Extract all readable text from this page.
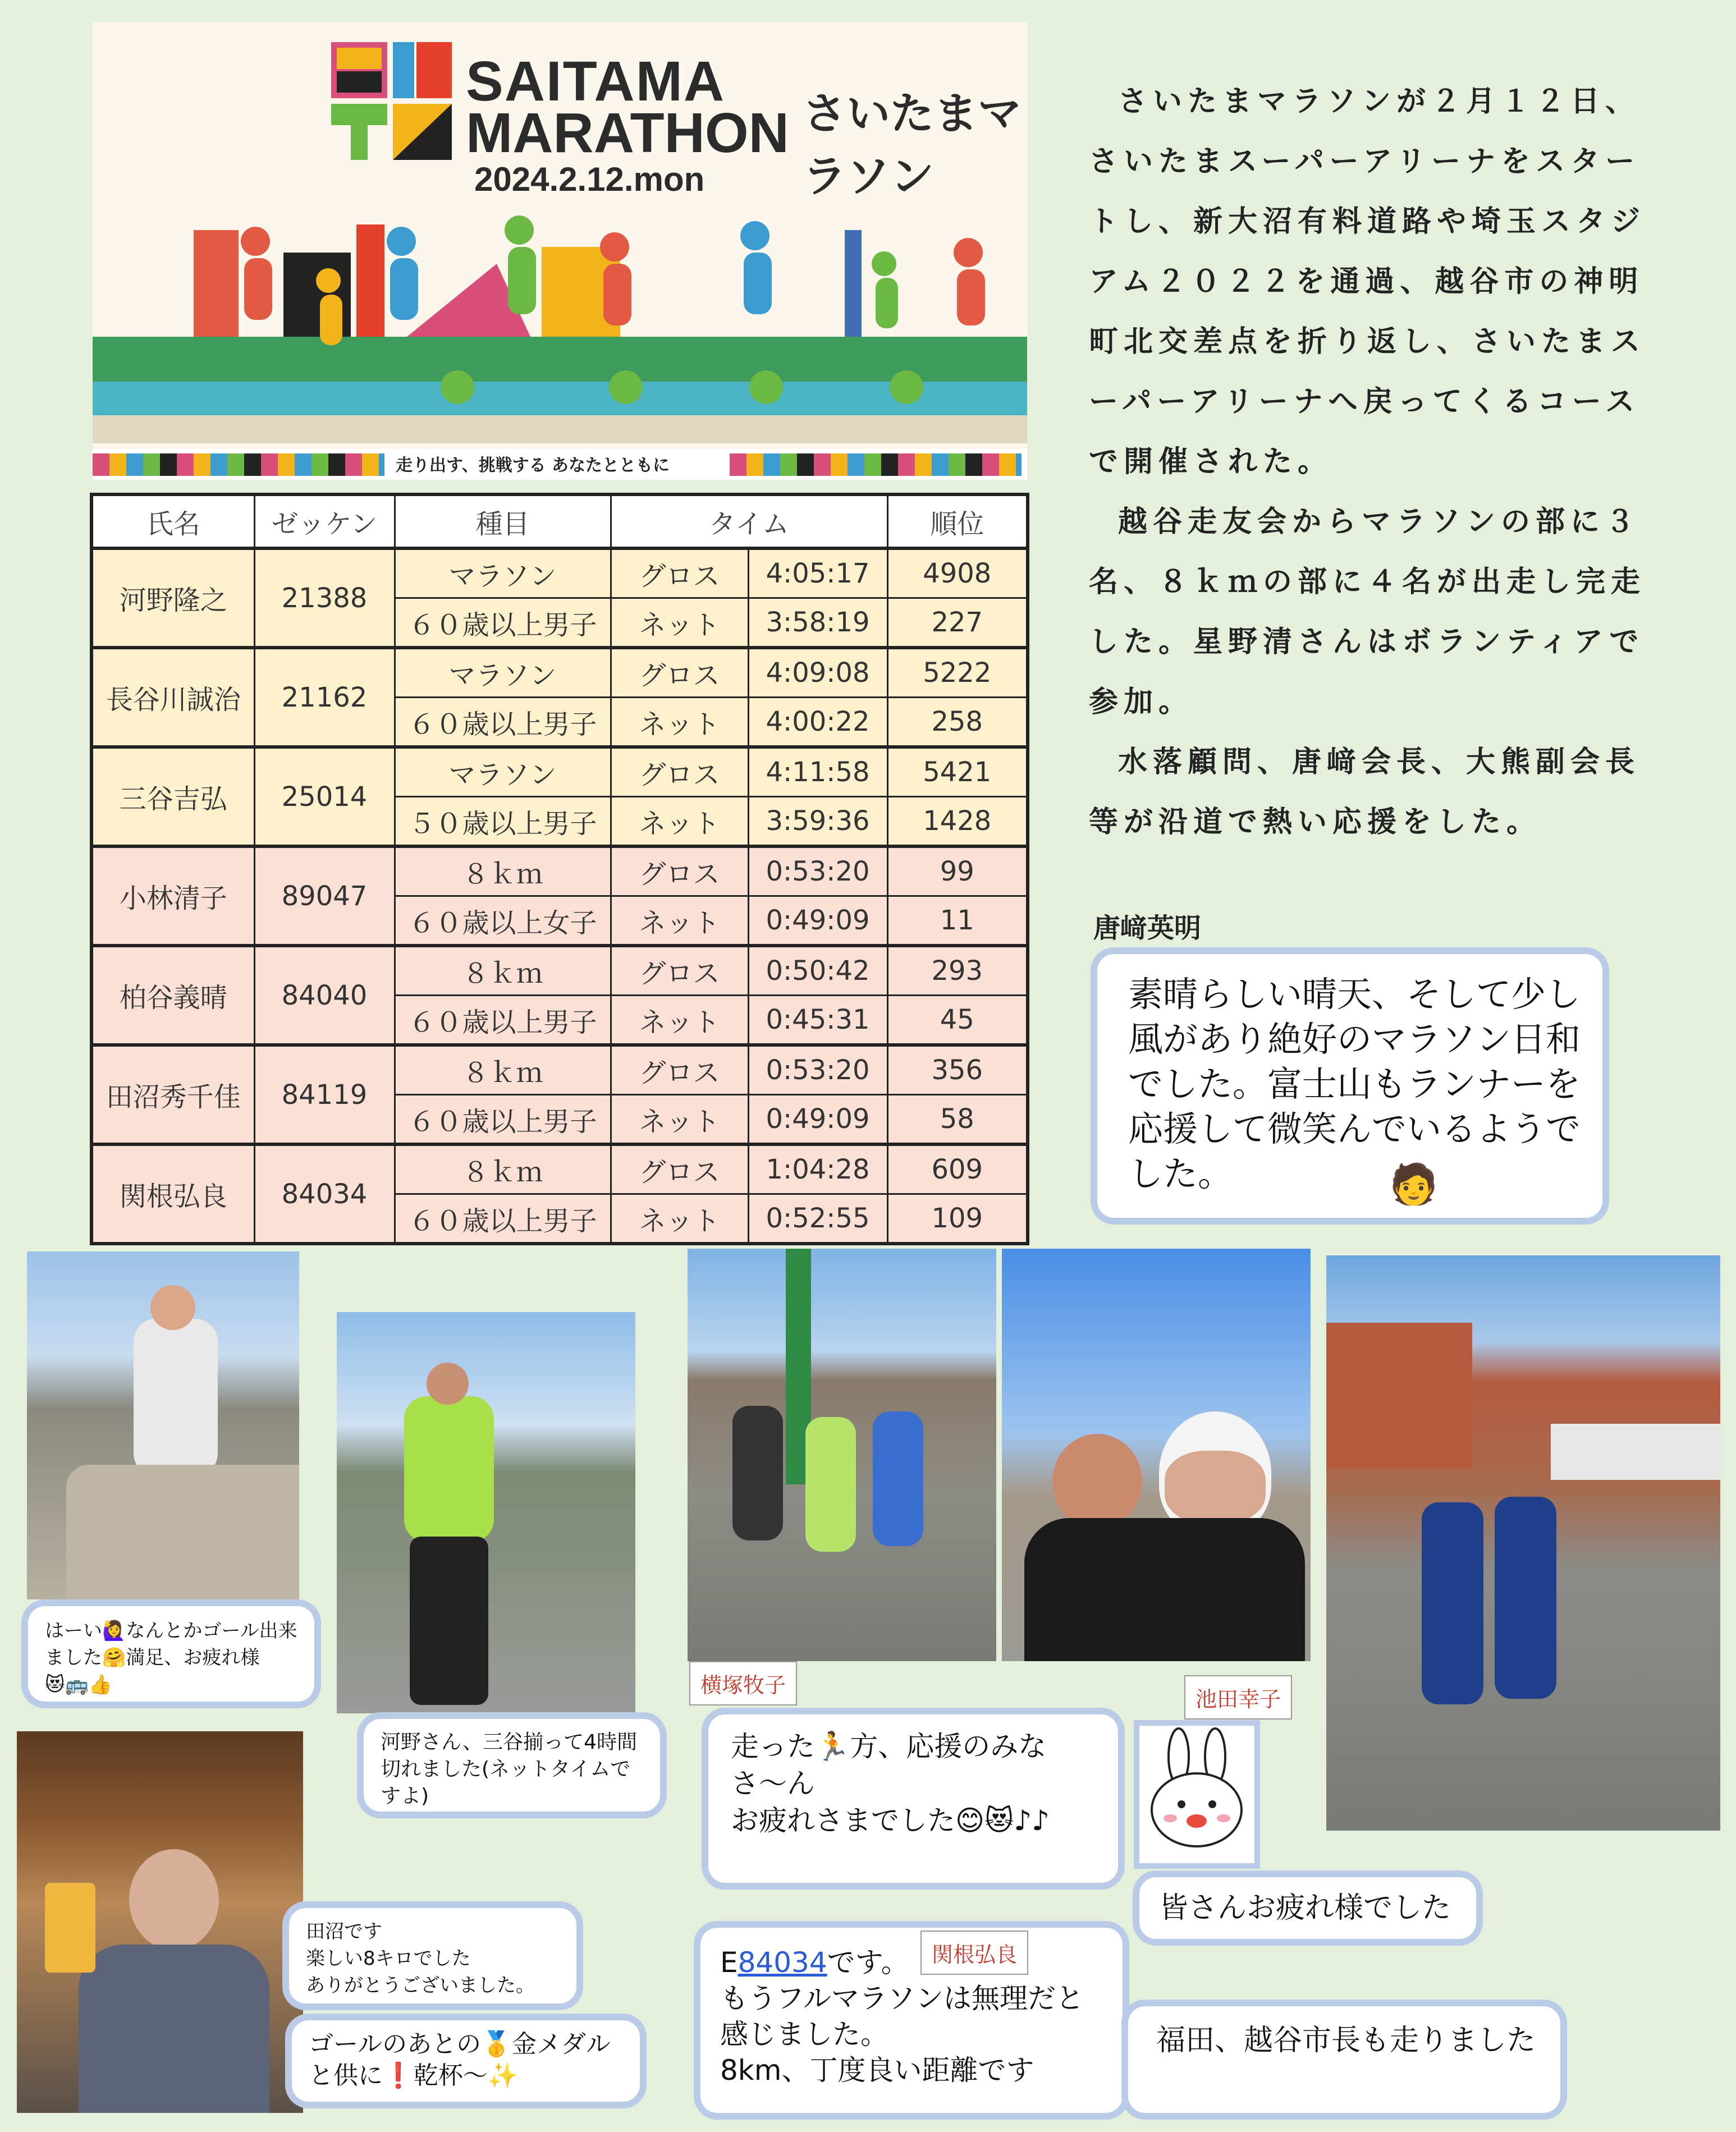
SAITAMA
MARATHON さいたまマラソン
2024.2.12.mon
走り出す、挑戦する あなたとともに
氏名	ゼッケン	種目	タイム		順位
河野隆之	21388	マラソン	グロス	4:05:17	4908
		６０歳以上男子	ネット	3:58:19	227
長谷川誠治	21162	マラソン	グロス	4:09:08	5222
		６０歳以上男子	ネット	4:00:22	258
三谷吉弘	25014	マラソン	グロス	4:11:58	5421
		５０歳以上男子	ネット	3:59:36	1428
小林清子	89047	８ｋｍ	グロス	0:53:20	99
		６０歳以上女子	ネット	0:49:09	11
柏谷義晴	84040	８ｋｍ	グロス	0:50:42	293
		６０歳以上男子	ネット	0:45:31	45
田沼秀千佳	84119	８ｋｍ	グロス	0:53:20	356
		６０歳以上男子	ネット	0:49:09	58
関根弘良	84034	８ｋｍ	グロス	1:04:28	609
		６０歳以上男子	ネット	0:52:55	109

さいたまマラソンが２月１２日、さいたまスーパーアリーナをスタートし、新大沼有料道路や埼玉スタジアム２０２２を通過、越谷市の神明町北交差点を折り返し、さいたまスーパーアリーナへ戻ってくるコースで開催された。

越谷走友会からマラソンの部に３名、８ｋｍの部に４名が出走し完走した。星野清さんはボランティアで参加。

水落顧問、唐﨑会長、大熊副会長等が沿道で熱い応援をした。

唐﨑英明
素晴らしい晴天、そして少し風があり絶好のマラソン日和でした。富士山もランナーを応援して微笑んでいるようでした。	🧑
はーい🙋‍♀️なんとかゴール出来ました🤗満足、お疲れ様
😻🚌👍
河野さん、三谷揃って4時間切れました(ネットタイムですよ)
田沼です
楽しい8キロでした
ありがとうございました。
ゴールのあとの🥇金メダルと供に❗乾杯〜✨
横塚牧子
走った🏃方、応援のみなさ〜ん
お疲れさまでした😊😻♪♪
池田幸子
皆さんお疲れ様でした
E84034です。
もうフルマラソンは無理だと感じました。
8km、丁度良い距離です
関根弘良
福田、越谷市長も走りました
